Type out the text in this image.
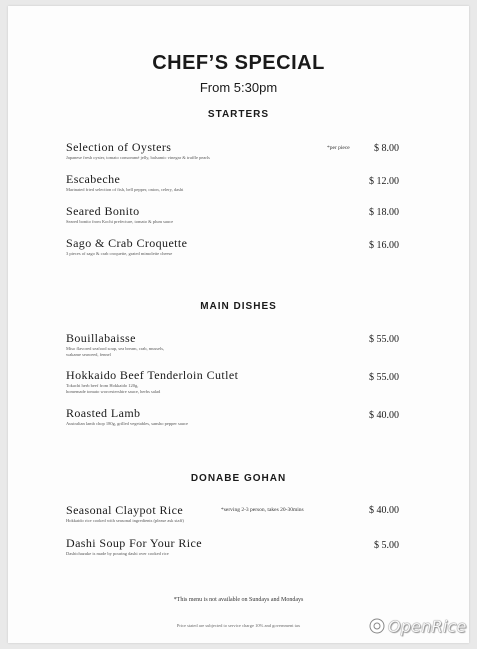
CHEF’S SPECIAL
From 5:30pm
STARTERS
Selection of Oysters
Japanese fresh oyster, tomato consommé jelly, balsamic vinegar & truffle pearls
*per piece	$ 8.00
Escabeche
Marinated fried selection of fish, bell pepper, onion, celery, dashi
$ 12.00
Seared Bonito
Seared bonito from Kochi prefecture, tomato & plum sauce
$ 18.00
Sago & Crab Croquette
3 pieces of sago & crab croquette, grated mimolette cheese
$ 16.00
MAIN DISHES
Bouillabaisse
Miso flavored seafood soup, sea bream, crab, mussels,
wakame seaweed, fennel
$ 55.00
Hokkaido Beef Tenderloin Cutlet
Tokachi herb beef from Hokkaido 120g,
homemade tomato worcestershire sauce, herbs salad
$ 55.00
Roasted Lamb
Australian lamb chop 180g, grilled vegetables, sansho pepper sauce
$ 40.00
DONABE GOHAN
Seasonal Claypot Rice
Hokkaido rice cooked with seasonal ingredients (please ask staff)
*serving 2-3 person, takes 20-30mins	$ 40.00
Dashi Soup For Your Rice
Dashichazuke is made by pouring dashi over cooked rice
$ 5.00
*This menu is not available on Sundays and Mondays
Price stated are subjected to service charge 10% and government tax	OpenRice
